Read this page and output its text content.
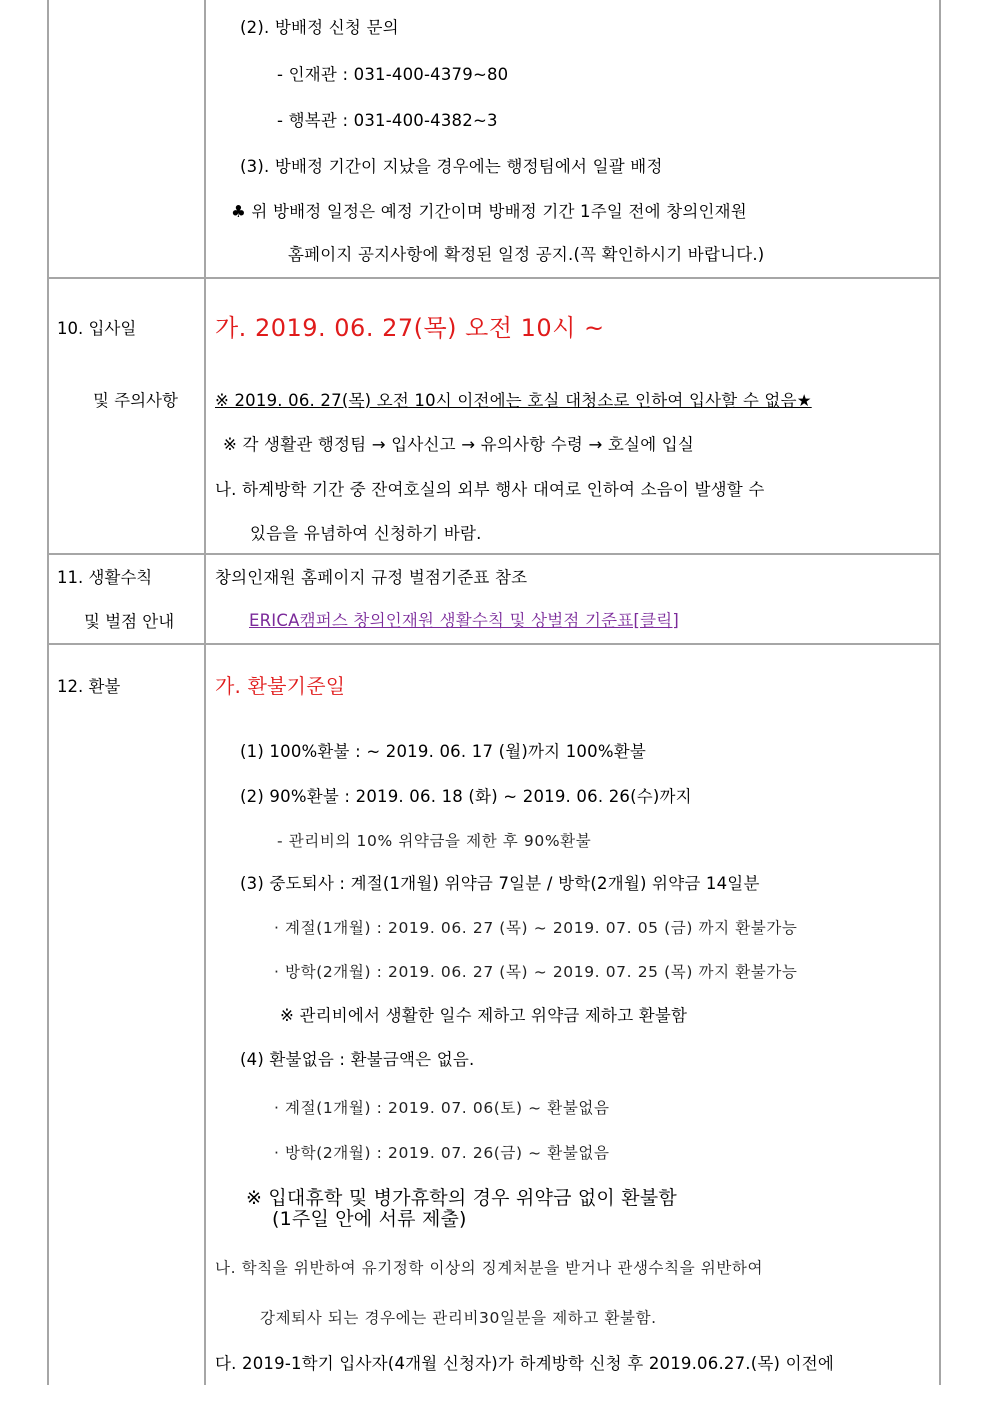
(2). 방배정 신청 문의
- 인재관 : 031-400-4379~80
- 행복관 : 031-400-4382~3
(3). 방배정 기간이 지났을 경우에는 행정팀에서 일괄 배정
♣ 위 방배정 일정은 예정 기간이며 방배정 기간 1주일 전에 창의인재원
홈페이지 공지사항에 확정된 일정 공지.(꼭 확인하시기 바랍니다.)
10. 입사일
및 주의사항
가. 2019. 06. 27(목) 오전 10시 ~
※ 2019. 06. 27(목) 오전 10시 이전에는 호실 대청소로 인하여 입사할 수 없음★
※ 각 생활관 행정팀 → 입사신고 → 유의사항 수령 → 호실에 입실
나. 하계방학 기간 중 잔여호실의 외부 행사 대여로 인하여 소음이 발생할 수
있음을 유념하여 신청하기 바람.
11. 생활수칙
및 벌점 안내
창의인재원 홈페이지 규정 벌점기준표 참조
ERICA캠퍼스 창의인재원 생활수칙 및 상벌점 기준표[클릭]
12. 환불	가. 환불기준일
(1) 100%환불 : ~ 2019. 06. 17 (월)까지 100%환불
(2) 90%환불 : 2019. 06. 18 (화) ~ 2019. 06. 26(수)까지
- 관리비의 10% 위약금을 제한 후 90%환불
(3) 중도퇴사 : 계절(1개월) 위약금 7일분 / 방학(2개월) 위약금 14일분
· 계절(1개월) : 2019. 06. 27 (목) ~ 2019. 07. 05 (금) 까지 환불가능
· 방학(2개월) : 2019. 06. 27 (목) ~ 2019. 07. 25 (목) 까지 환불가능
※ 관리비에서 생활한 일수 제하고 위약금 제하고 환불함
(4) 환불없음 : 환불금액은 없음.
· 계절(1개월) : 2019. 07. 06(토) ~ 환불없음
· 방학(2개월) : 2019. 07. 26(금) ~ 환불없음
※ 입대휴학 및 병가휴학의 경우 위약금 없이 환불함
(1주일 안에 서류 제출)
나. 학칙을 위반하여 유기정학 이상의 징계처분을 받거나 관생수칙을 위반하여
강제퇴사 되는 경우에는 관리비30일분을 제하고 환불함.
다. 2019-1학기 입사자(4개월 신청자)가 하계방학 신청 후 2019.06.27.(목) 이전에
